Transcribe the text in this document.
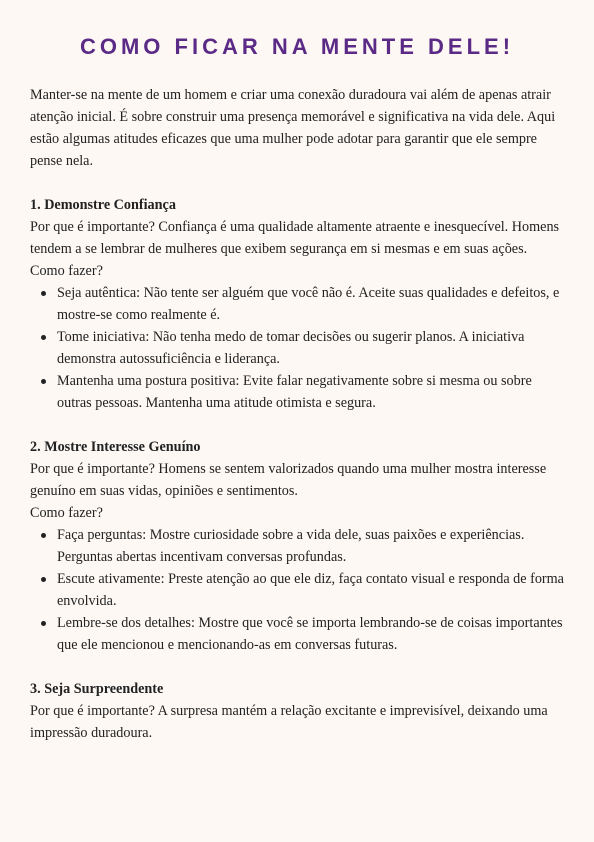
COMO FICAR NA MENTE DELE!

Manter-se na mente de um homem e criar uma conexão duradoura vai além de apenas atrair atenção inicial. É sobre construir uma presença memorável e significativa na vida dele. Aqui estão algumas atitudes eficazes que uma mulher pode adotar para garantir que ele sempre pense nela.

1. Demonstre Confiança

Por que é importante? Confiança é uma qualidade altamente atraente e inesquecível. Homens tendem a se lembrar de mulheres que exibem segurança em si mesmas e em suas ações.

Como fazer?

Seja autêntica: Não tente ser alguém que você não é. Aceite suas qualidades e defeitos, e mostre-se como realmente é.
Tome iniciativa: Não tenha medo de tomar decisões ou sugerir planos. A iniciativa demonstra autossuficiência e liderança.
Mantenha uma postura positiva: Evite falar negativamente sobre si mesma ou sobre outras pessoas. Mantenha uma atitude otimista e segura.
2. Mostre Interesse Genuíno

Por que é importante? Homens se sentem valorizados quando uma mulher mostra interesse genuíno em suas vidas, opiniões e sentimentos.

Como fazer?

Faça perguntas: Mostre curiosidade sobre a vida dele, suas paixões e experiências. Perguntas abertas incentivam conversas profundas.
Escute ativamente: Preste atenção ao que ele diz, faça contato visual e responda de forma envolvida.
Lembre-se dos detalhes: Mostre que você se importa lembrando-se de coisas importantes que ele mencionou e mencionando-as em conversas futuras.
3. Seja Surpreendente

Por que é importante? A surpresa mantém a relação excitante e imprevisível, deixando uma impressão duradoura.
